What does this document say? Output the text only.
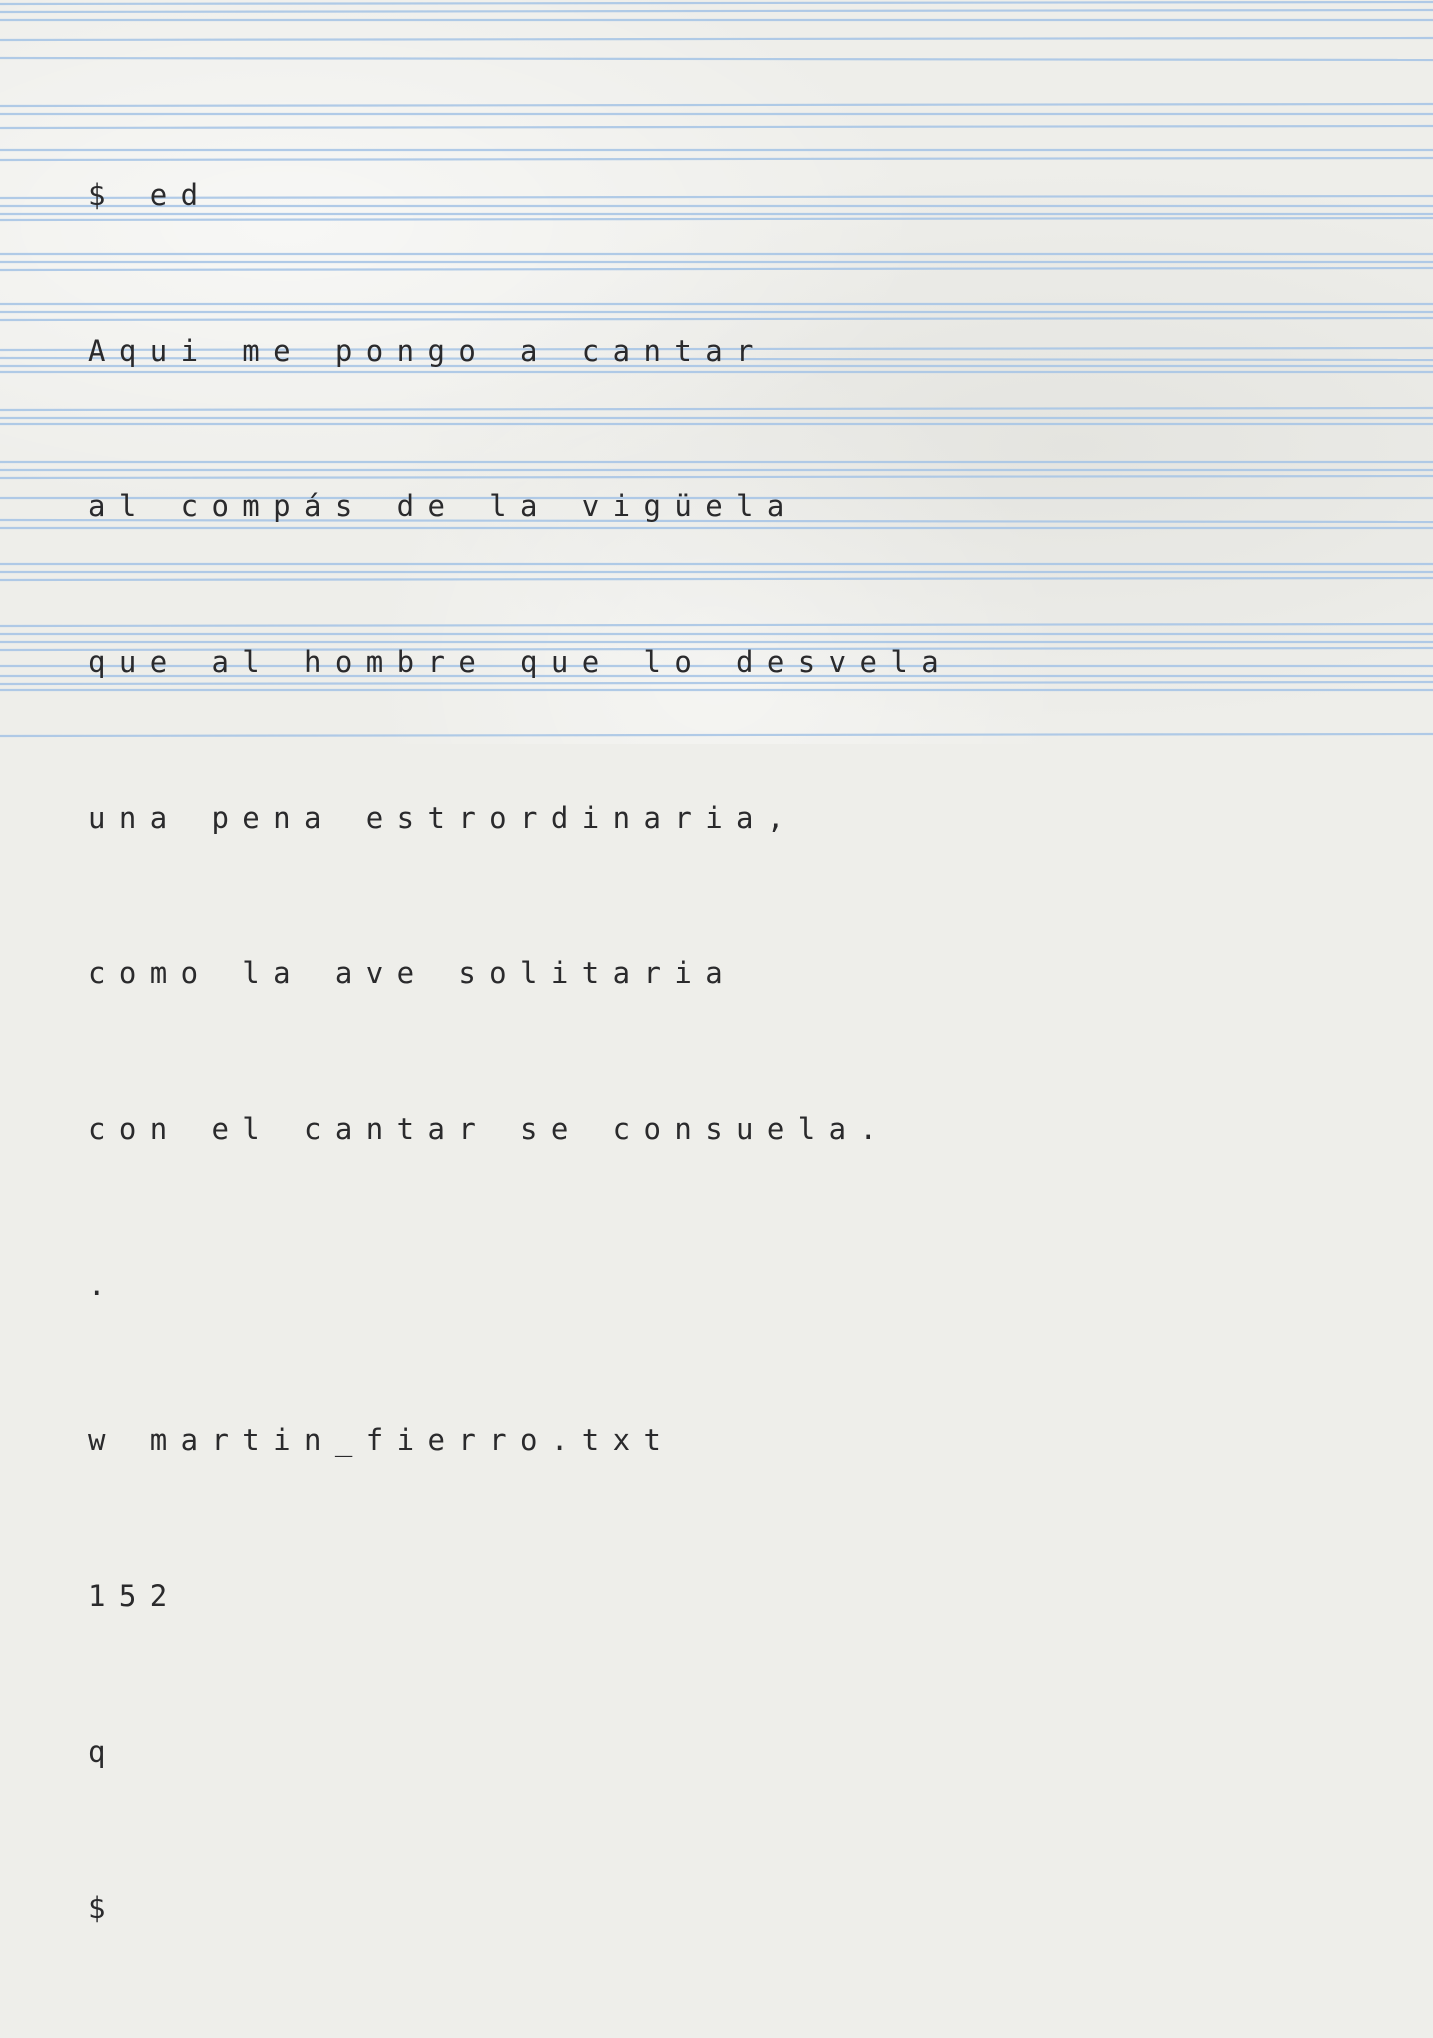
$ ed

Aqui me pongo a cantar

al compás de la vigüela

que al hombre que lo desvela

una pena estrordinaria,

como la ave solitaria

con el cantar se consuela.

.

w martin_fierro.txt

152

q

$
